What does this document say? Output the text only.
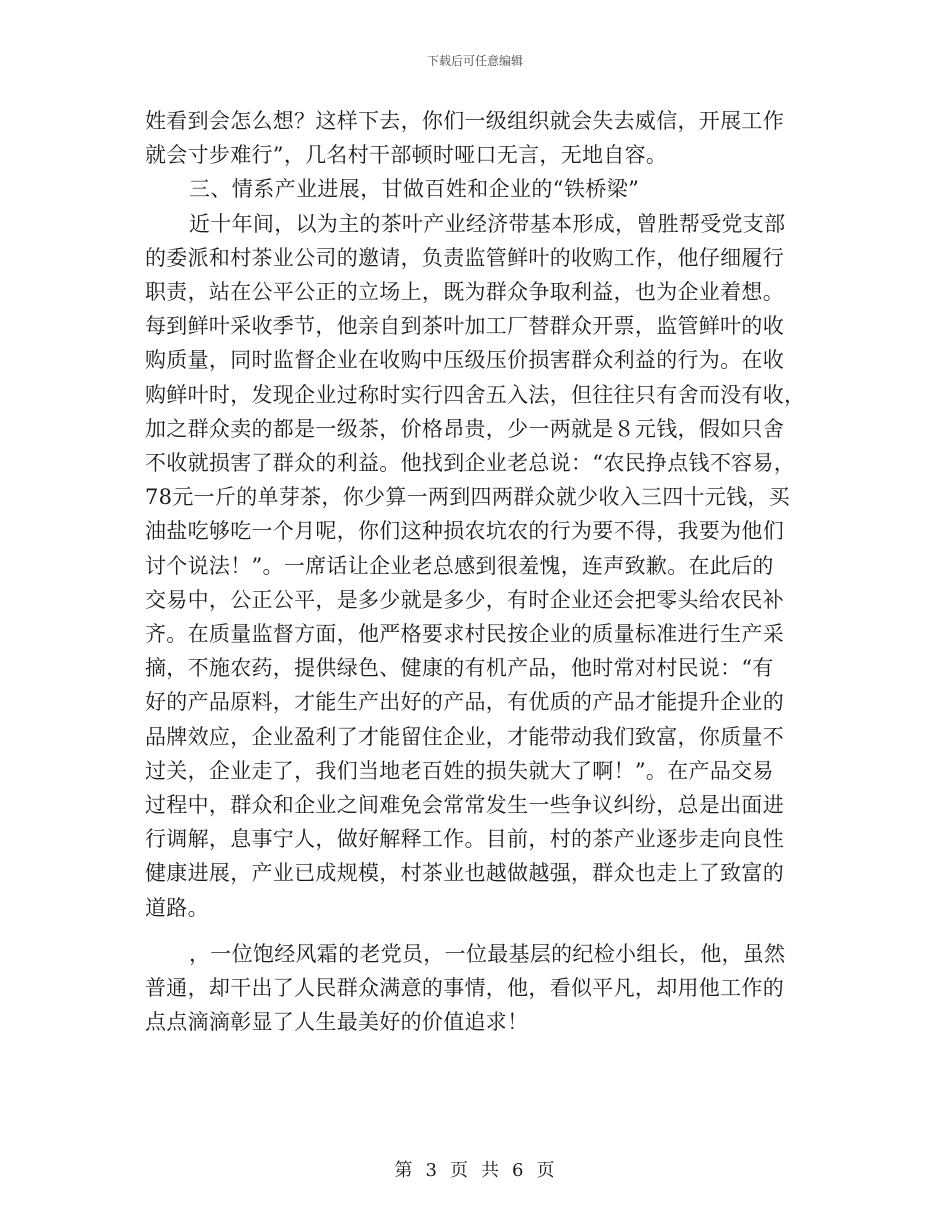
下载后可任意编辑
姓看到会怎么想？这样下去，你们一级组织就会失去威信，开展工作
就会寸步难行”，几名村干部顿时哑口无言，无地自容。
三、情系产业进展，甘做百姓和企业的“铁桥梁”
近十年间，以为主的茶叶产业经济带基本形成，曾胜帮受党支部
的委派和村茶业公司的邀请，负责监管鲜叶的收购工作，他仔细履行
职责，站在公平公正的立场上，既为群众争取利益，也为企业着想。
每到鲜叶采收季节，他亲自到茶叶加工厂替群众开票，监管鲜叶的收
购质量，同时监督企业在收购中压级压价损害群众利益的行为。在收
购鲜叶时，发现企业过称时实行四舍五入法，但往往只有舍而没有收，
加之群众卖的都是一级茶，价格昂贵，少一两就是８元钱，假如只舍
不收就损害了群众的利益。他找到企业老总说：“农民挣点钱不容易，
78元一斤的单芽茶，你少算一两到四两群众就少收入三四十元钱，买
油盐吃够吃一个月呢，你们这种损农坑农的行为要不得，我要为他们
讨个说法！”。一席话让企业老总感到很羞愧，连声致歉。在此后的
交易中，公正公平，是多少就是多少，有时企业还会把零头给农民补
齐。在质量监督方面，他严格要求村民按企业的质量标准进行生产采
摘，不施农药，提供绿色、健康的有机产品，他时常对村民说：“有
好的产品原料，才能生产出好的产品，有优质的产品才能提升企业的
品牌效应，企业盈利了才能留住企业，才能带动我们致富，你质量不
过关，企业走了，我们当地老百姓的损失就大了啊！”。在产品交易
过程中，群众和企业之间难免会常常发生一些争议纠纷，总是出面进
行调解，息事宁人，做好解释工作。目前，村的茶产业逐步走向良性
健康进展，产业已成规模，村茶业也越做越强，群众也走上了致富的
道路。
，一位饱经风霜的老党员，一位最基层的纪检小组长，他，虽然
普通，却干出了人民群众满意的事情，他，看似平凡，却用他工作的
点点滴滴彰显了人生最美好的价值追求！
第 3 页 共 6 页
